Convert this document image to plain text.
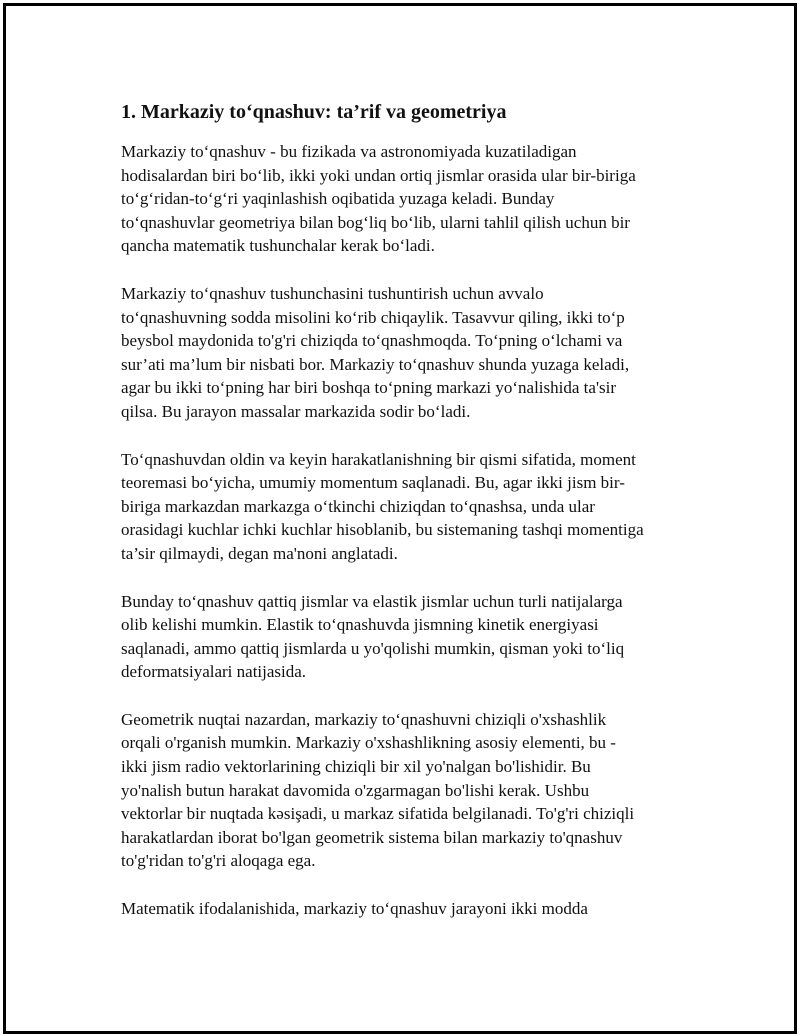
1. Markaziy to‘qnashuv: ta’rif va geometriya
Markaziy to‘qnashuv - bu fizikada va astronomiyada kuzatiladigan
hodisalardan biri bo‘lib, ikki yoki undan ortiq jismlar orasida ular bir-biriga
to‘g‘ridan-to‘g‘ri yaqinlashish oqibatida yuzaga keladi. Bunday
to‘qnashuvlar geometriya bilan bog‘liq bo‘lib, ularni tahlil qilish uchun bir
qancha matematik tushunchalar kerak bo‘ladi.
Markaziy to‘qnashuv tushunchasini tushuntirish uchun avvalo
to‘qnashuvning sodda misolini ko‘rib chiqaylik. Tasavvur qiling, ikki to‘p
beysbol maydonida to'g'ri chiziqda to‘qnashmoqda. To‘pning o‘lchami va
sur’ati ma’lum bir nisbati bor. Markaziy to‘qnashuv shunda yuzaga keladi,
agar bu ikki to‘pning har biri boshqa to‘pning markazi yo‘nalishida ta'sir
qilsa. Bu jarayon massalar markazida sodir bo‘ladi.
To‘qnashuvdan oldin va keyin harakatlanishning bir qismi sifatida, moment
teoremasi bo‘yicha, umumiy momentum saqlanadi. Bu, agar ikki jism bir-
biriga markazdan markazga o‘tkinchi chiziqdan to‘qnashsa, unda ular
orasidagi kuchlar ichki kuchlar hisoblanib, bu sistemaning tashqi momentiga
ta’sir qilmaydi, degan ma'noni anglatadi.
Bunday to‘qnashuv qattiq jismlar va elastik jismlar uchun turli natijalarga
olib kelishi mumkin. Elastik to‘qnashuvda jismning kinetik energiyasi
saqlanadi, ammo qattiq jismlarda u yo'qolishi mumkin, qisman yoki to‘liq
deformatsiyalari natijasida.
Geometrik nuqtai nazardan, markaziy to‘qnashuvni chiziqli o'xshashlik
orqali o'rganish mumkin. Markaziy o'xshashlikning asosiy elementi, bu -
ikki jism radio vektorlarining chiziqli bir xil yo'nalgan bo'lishidir. Bu
yo'nalish butun harakat davomida o'zgarmagan bo'lishi kerak. Ushbu
vektorlar bir nuqtada kəsişadi, u markaz sifatida belgilanadi. To'g'ri chiziqli
harakatlardan iborat bo'lgan geometrik sistema bilan markaziy to'qnashuv
to'g'ridan to'g'ri aloqaga ega.
Matematik ifodalanishida, markaziy to‘qnashuv jarayoni ikki modda
